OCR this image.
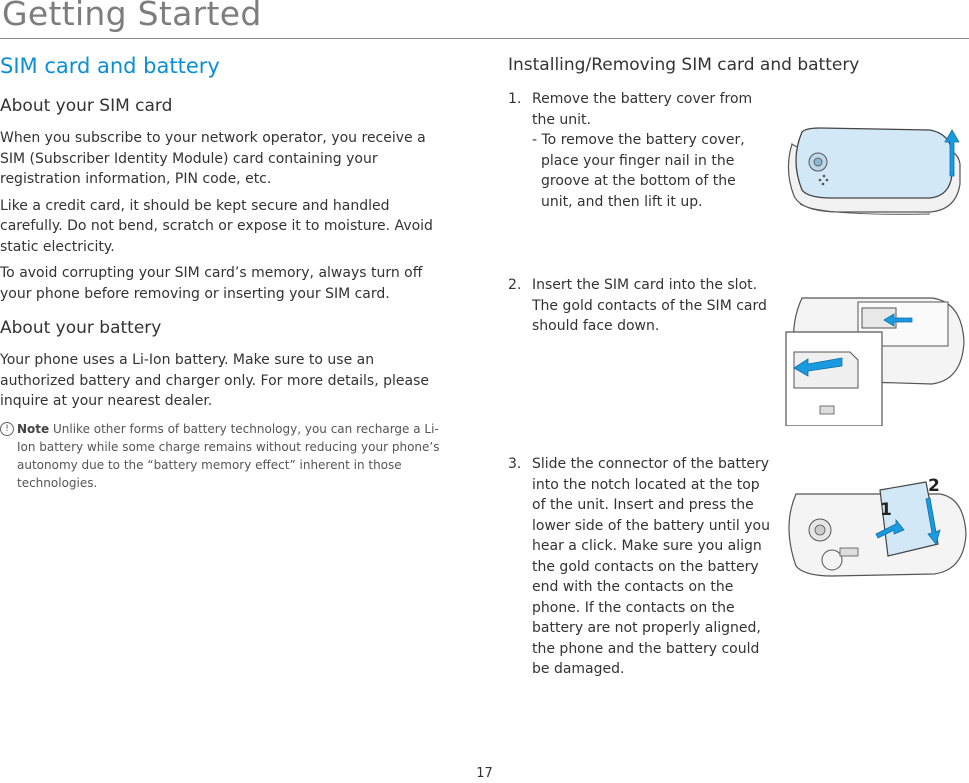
Getting Started
SIM card and battery
About your SIM card

When you subscribe to your network operator, you receive a SIM (Subscriber Identity Module) card containing your registration information, PIN code, etc.

Like a credit card, it should be kept secure and handled carefully. Do not bend, scratch or expose it to moisture. Avoid static electricity.

To avoid corrupting your SIM card’s memory, always turn off your phone before removing or inserting your SIM card.

About your battery

Your phone uses a Li-Ion battery. Make sure to use an authorized battery and charger only. For more details, please inquire at your nearest dealer.

! Note Unlike other forms of battery technology, you can recharge a Li-Ion battery while some charge remains without reducing your phone’s autonomy due to the “battery memory effect” inherent in those technologies.
Installing/Removing SIM card and battery
1. Remove the battery cover from the unit.
- To remove the battery cover, place your finger nail in the groove at the bottom of the unit, and then lift it up.
2. Insert the SIM card into the slot. The gold contacts of the SIM card should face down.
3. Slide the connector of the battery into the notch located at the top of the unit. Insert and press the lower side of the battery until you hear a click. Make sure you align the gold contacts on the battery end with the contacts on the phone. If the contacts on the battery are not properly aligned, the phone and the battery could be damaged.
1
2
17
